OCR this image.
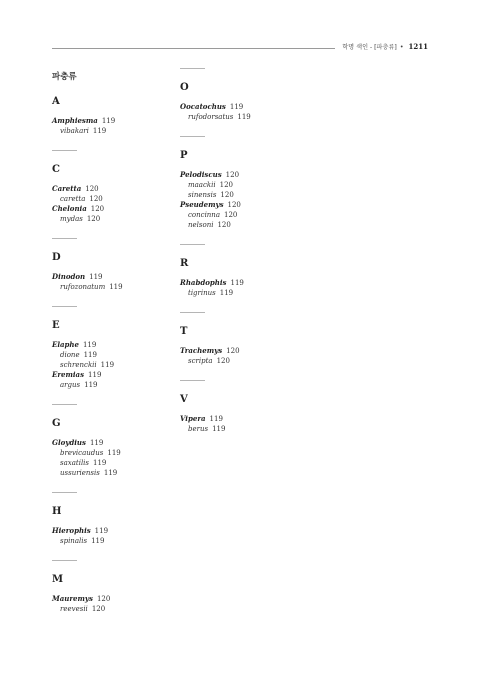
학명 색인 - [파충류] • 1211
파충류
A
Amphiesma 119
vibakari 119
C
Caretta 120
caretta 120
Chelonia 120
mydas 120
D
Dinodon 119
rufozonatum 119
E
Elaphe 119
dione 119
schrenckii 119
Eremias 119
argus 119
G
Gloydius 119
brevicaudus 119
saxatilis 119
ussuriensis 119
H
Hierophis 119
spinalis 119
M
Mauremys 120
reevesii 120
O
Oocatochus 119
rufodorsatus 119
P
Pelodiscus 120
maackii 120
sinensis 120
Pseudemys 120
concinna 120
nelsoni 120
R
Rhabdophis 119
tigrinus 119
T
Trachemys 120
scripta 120
V
Vipera 119
berus 119
